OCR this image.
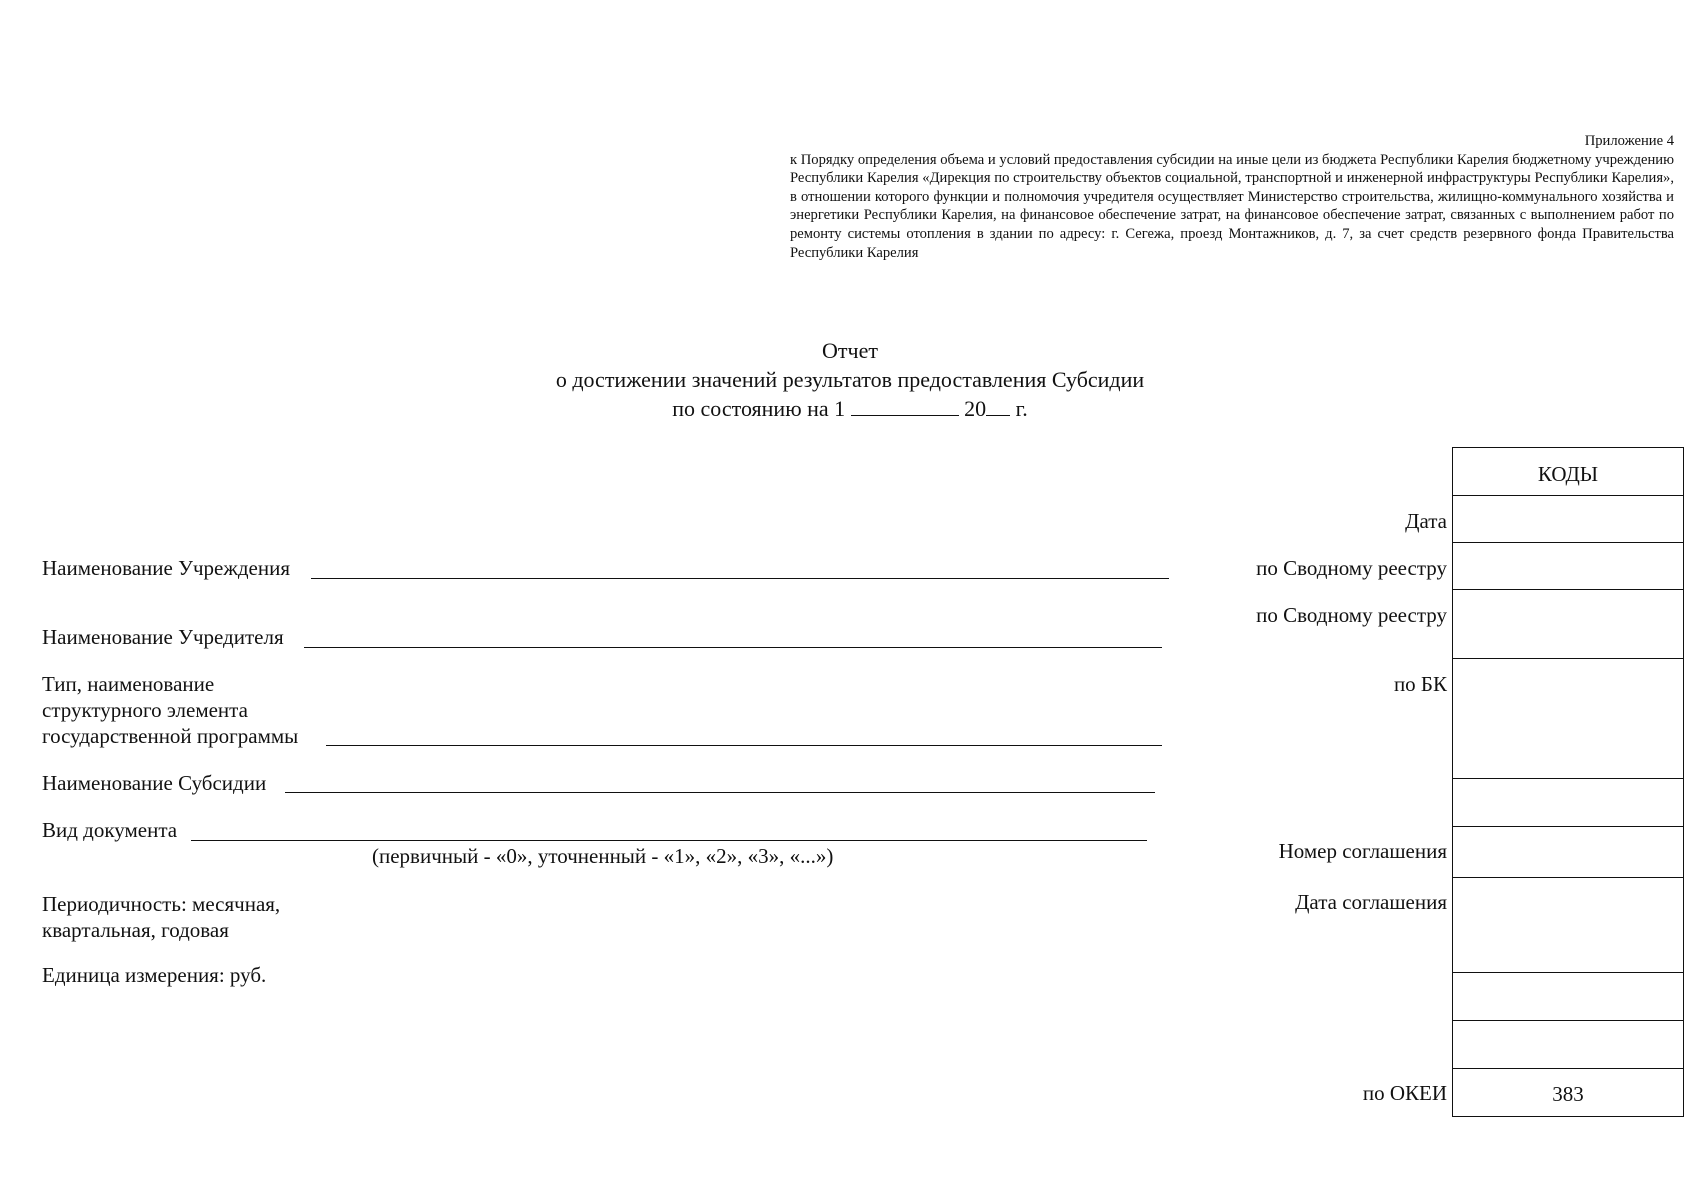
Приложение 4
к Порядку определения объема и условий предоставления субсидии на иные цели из бюджета Республики Карелия бюджетному учреждению Республики Карелия «Дирекция по строительству объектов социальной, транспортной и инженерной инфраструктуры Республики Карелия», в отношении которого функции и полномочия учредителя осуществляет Министерство строительства, жилищно-коммунального хозяйства и энергетики Республики Карелия, на финансовое обеспечение затрат, на финансовое обеспечение затрат, связанных с выполнением работ по ремонту системы отопления в здании по адресу: г. Сегежа, проезд Монтажников, д. 7, за счет средств резервного фонда Правительства Республики Карелия
Отчет
о достижении значений результатов предоставления Субсидии
по состоянию на 1	20 г.
Наименование Учреждения
Наименование Учредителя
Тип, наименование
структурного элемента
государственной программы
Наименование Субсидии
Вид документа
(первичный - «0», уточненный - «1», «2», «3», «...»)
Периодичность: месячная,
квартальная, годовая
Единица измерения: руб.
Дата
по Сводному реестру
по Сводному реестру
по БК
Номер соглашения
Дата соглашения
по ОКЕИ
КОДЫ
383
